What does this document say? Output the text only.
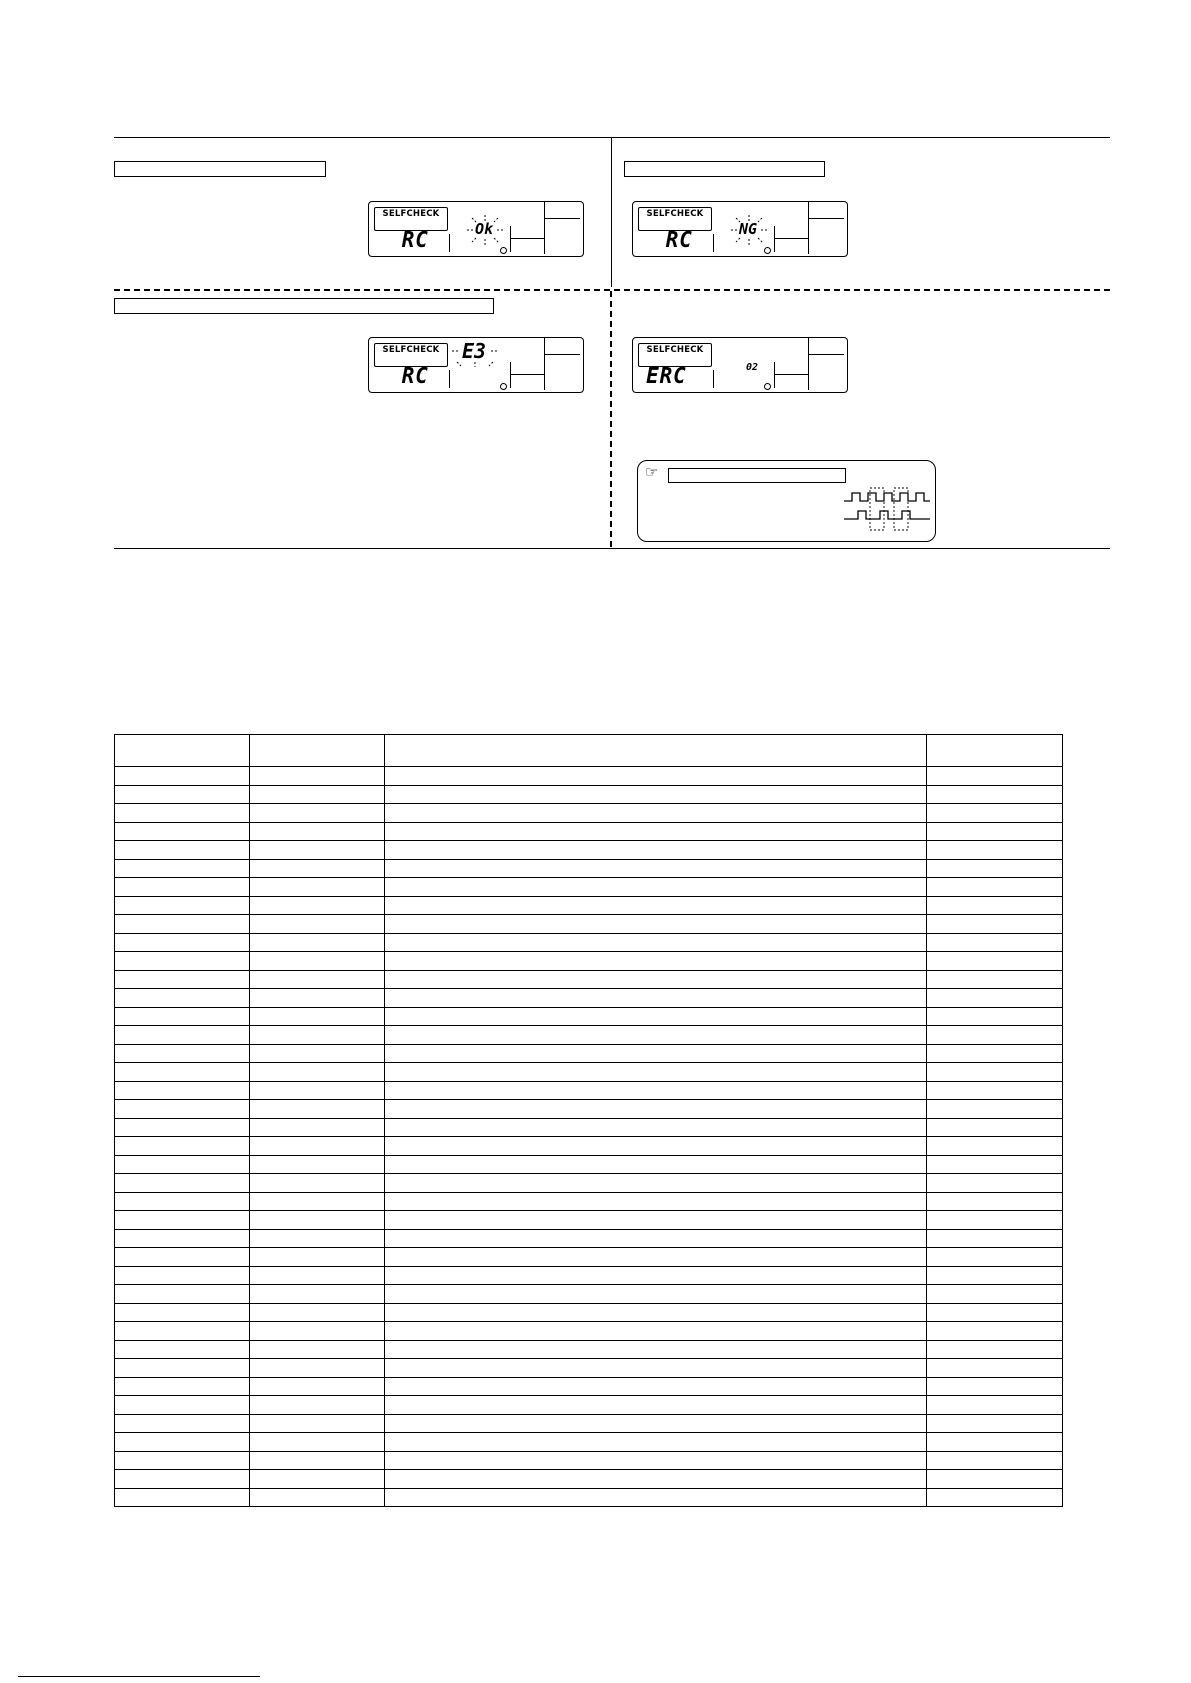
SELFCHECK
RC	Ok
SELFCHECK
RC	NG
SELFCHECK
RC
E3	SELFCHECK
ERC	02
☞
